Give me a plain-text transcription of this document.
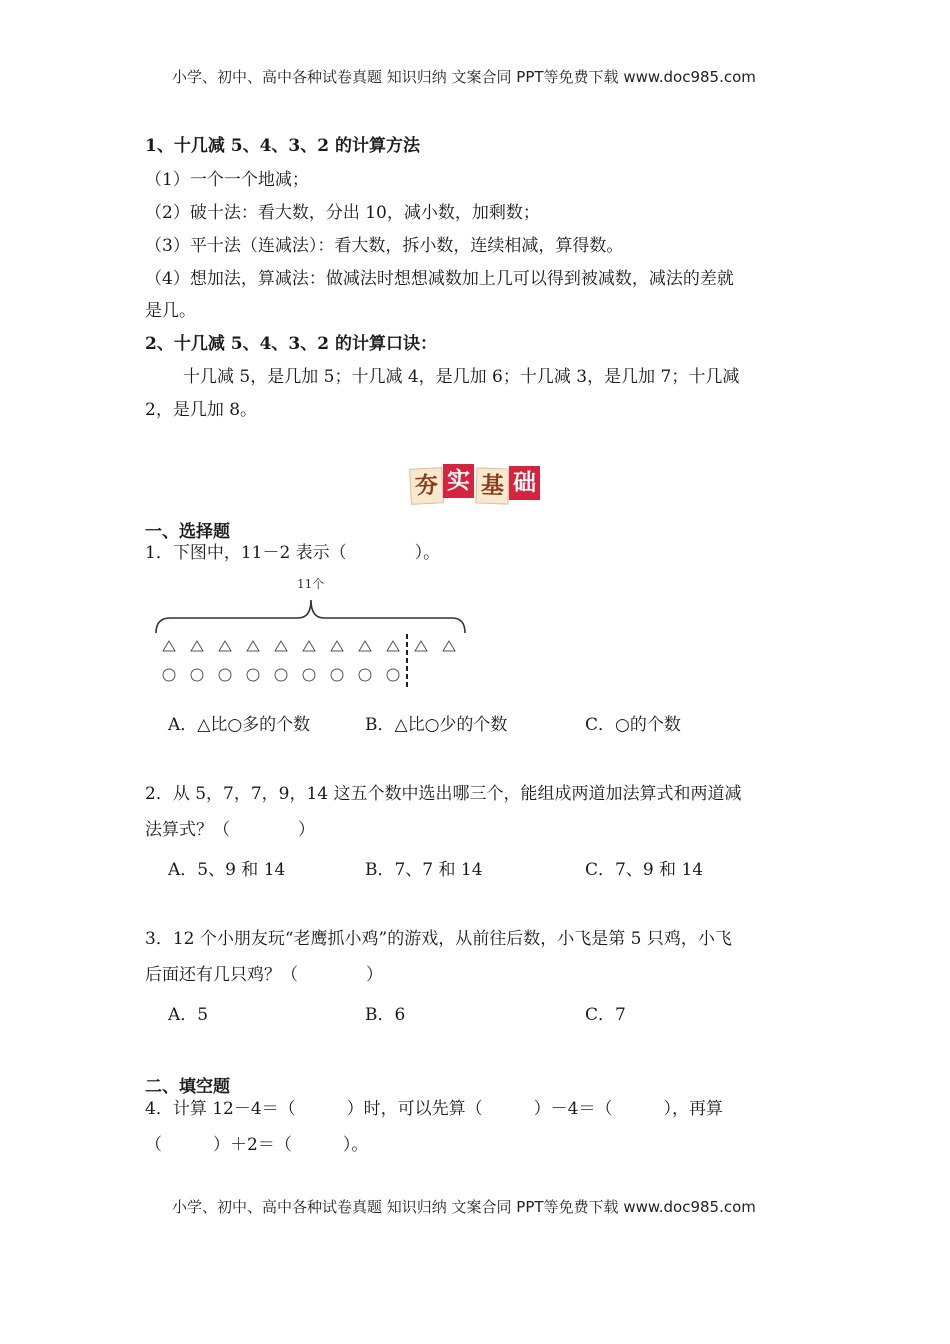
小学、初中、高中各种试卷真题 知识归纳 文案合同 PPT等免费下载 www.doc985.com
1、十几减 5、4、3、2 的计算方法
（1）一个一个地减；
（2）破十法：看大数，分出 10，减小数，加剩数；
（3）平十法（连减法）：看大数，拆小数，连续相减，算得数。
（4）想加法，算减法：做减法时想想减数加上几可以得到被减数，减法的差就
是几。
2、十几减 5、4、3、2 的计算口诀：
十几减 5，是几加 5；十几减 4，是几加 6；十几减 3，是几加 7；十几减
2，是几加 8。
夯 实 基 础
一、选择题
1．下图中，11－2 表示（　　　　）。
11个
A．△比○多的个数	B．△比○少的个数	C．○的个数
2．从 5，7，7，9，14 这五个数中选出哪三个，能组成两道加法算式和两道减
法算式？（　　　　）
A．5、9 和 14	B．7、7 和 14	C．7、9 和 14
3．12 个小朋友玩“老鹰抓小鸡”的游戏，从前往后数，小飞是第 5 只鸡，小飞
后面还有几只鸡？（　　　　）
A．5	B．6	C．7
二、填空题
4．计算 12－4＝（　　　）时，可以先算（　　　）－4＝（　　　），再算
（　　　）＋2＝（　　　）。
小学、初中、高中各种试卷真题 知识归纳 文案合同 PPT等免费下载 www.doc985.com
